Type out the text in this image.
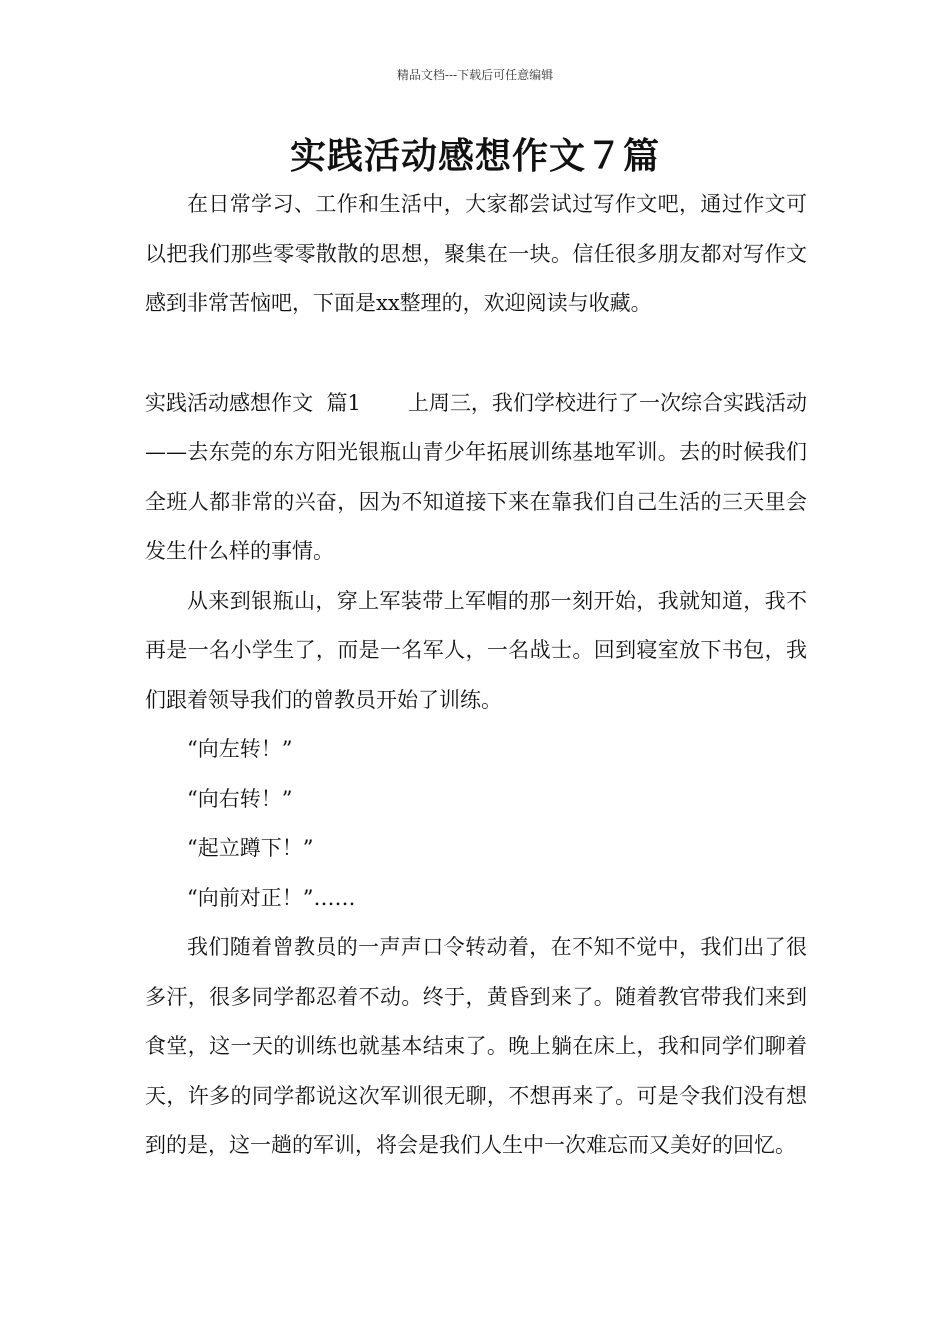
精品文档---下载后可任意编辑
实践活动感想作文７篇

在日常学习、工作和生活中，大家都尝试过写作文吧，通过作文可以把我们那些零零散散的思想，聚集在一块。信任很多朋友都对写作文感到非常苦恼吧，下面是xx整理的，欢迎阅读与收藏。

实践活动感想作文  篇1 上周三，我们学校进行了一次综合实践活动——去东莞的东方阳光银瓶山青少年拓展训练基地军训。去的时候我们全班人都非常的兴奋，因为不知道接下来在靠我们自己生活的三天里会发生什么样的事情。

从来到银瓶山，穿上军装带上军帽的那一刻开始，我就知道，我不再是一名小学生了，而是一名军人，一名战士。回到寝室放下书包，我们跟着领导我们的曾教员开始了训练。

“向左转！”

“向右转！”

“起立蹲下！”

“向前对正！”……

我们随着曾教员的一声声口令转动着，在不知不觉中，我们出了很多汗，很多同学都忍着不动。终于，黄昏到来了。随着教官带我们来到食堂，这一天的训练也就基本结束了。晚上躺在床上，我和同学们聊着天，许多的同学都说这次军训很无聊，不想再来了。可是令我们没有想到的是，这一趟的军训，将会是我们人生中一次难忘而又美好的回忆。
